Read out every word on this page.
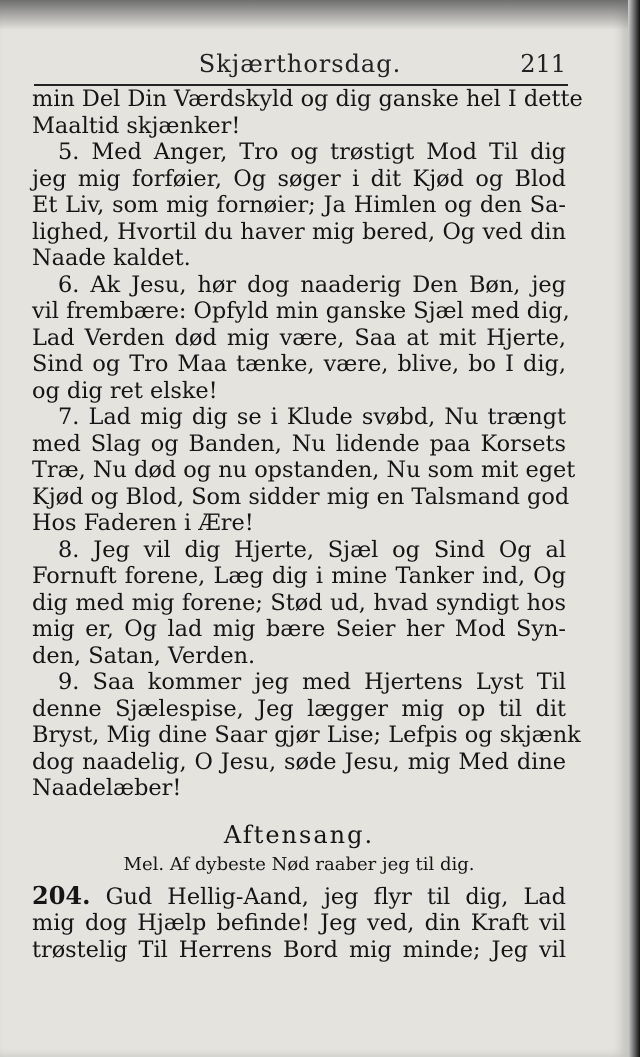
Skjærthorsdag.	211
min Del Din Værdskyld og dig ganske hel I dette
Maaltid skjænker!
5. Med Anger, Tro og trøstigt Mod Til dig
jeg mig forføier, Og søger i dit Kjød og Blod
Et Liv, som mig fornøier; Ja Himlen og den Sa-
lighed, Hvortil du haver mig bered, Og ved din
Naade kaldet.
6. Ak Jesu, hør dog naaderig Den Bøn, jeg
vil frembære: Opfyld min ganske Sjæl med dig,
Lad Verden død mig være, Saa at mit Hjerte,
Sind og Tro Maa tænke, være, blive, bo I dig,
og dig ret elske!
7. Lad mig dig se i Klude svøbd, Nu trængt
med Slag og Banden, Nu lidende paa Korsets
Træ, Nu død og nu opstanden, Nu som mit eget
Kjød og Blod, Som sidder mig en Talsmand god
Hos Faderen i Ære!
8. Jeg vil dig Hjerte, Sjæl og Sind Og al
Fornuft forene, Læg dig i mine Tanker ind, Og
dig med mig forene; Stød ud, hvad syndigt hos
mig er, Og lad mig bære Seier her Mod Syn-
den, Satan, Verden.
9. Saa kommer jeg med Hjertens Lyst Til
denne Sjælespise, Jeg lægger mig op til dit
Bryst, Mig dine Saar gjør Lise; Lefpis og skjænk
dog naadelig, O Jesu, søde Jesu, mig Med dine
Naadelæber!
Aftensang.
Mel. Af dybeste Nød raaber jeg til dig.
204. Gud Hellig-Aand, jeg flyr til dig, Lad
mig dog Hjælp befinde! Jeg ved, din Kraft vil
trøstelig Til Herrens Bord mig minde; Jeg vil
